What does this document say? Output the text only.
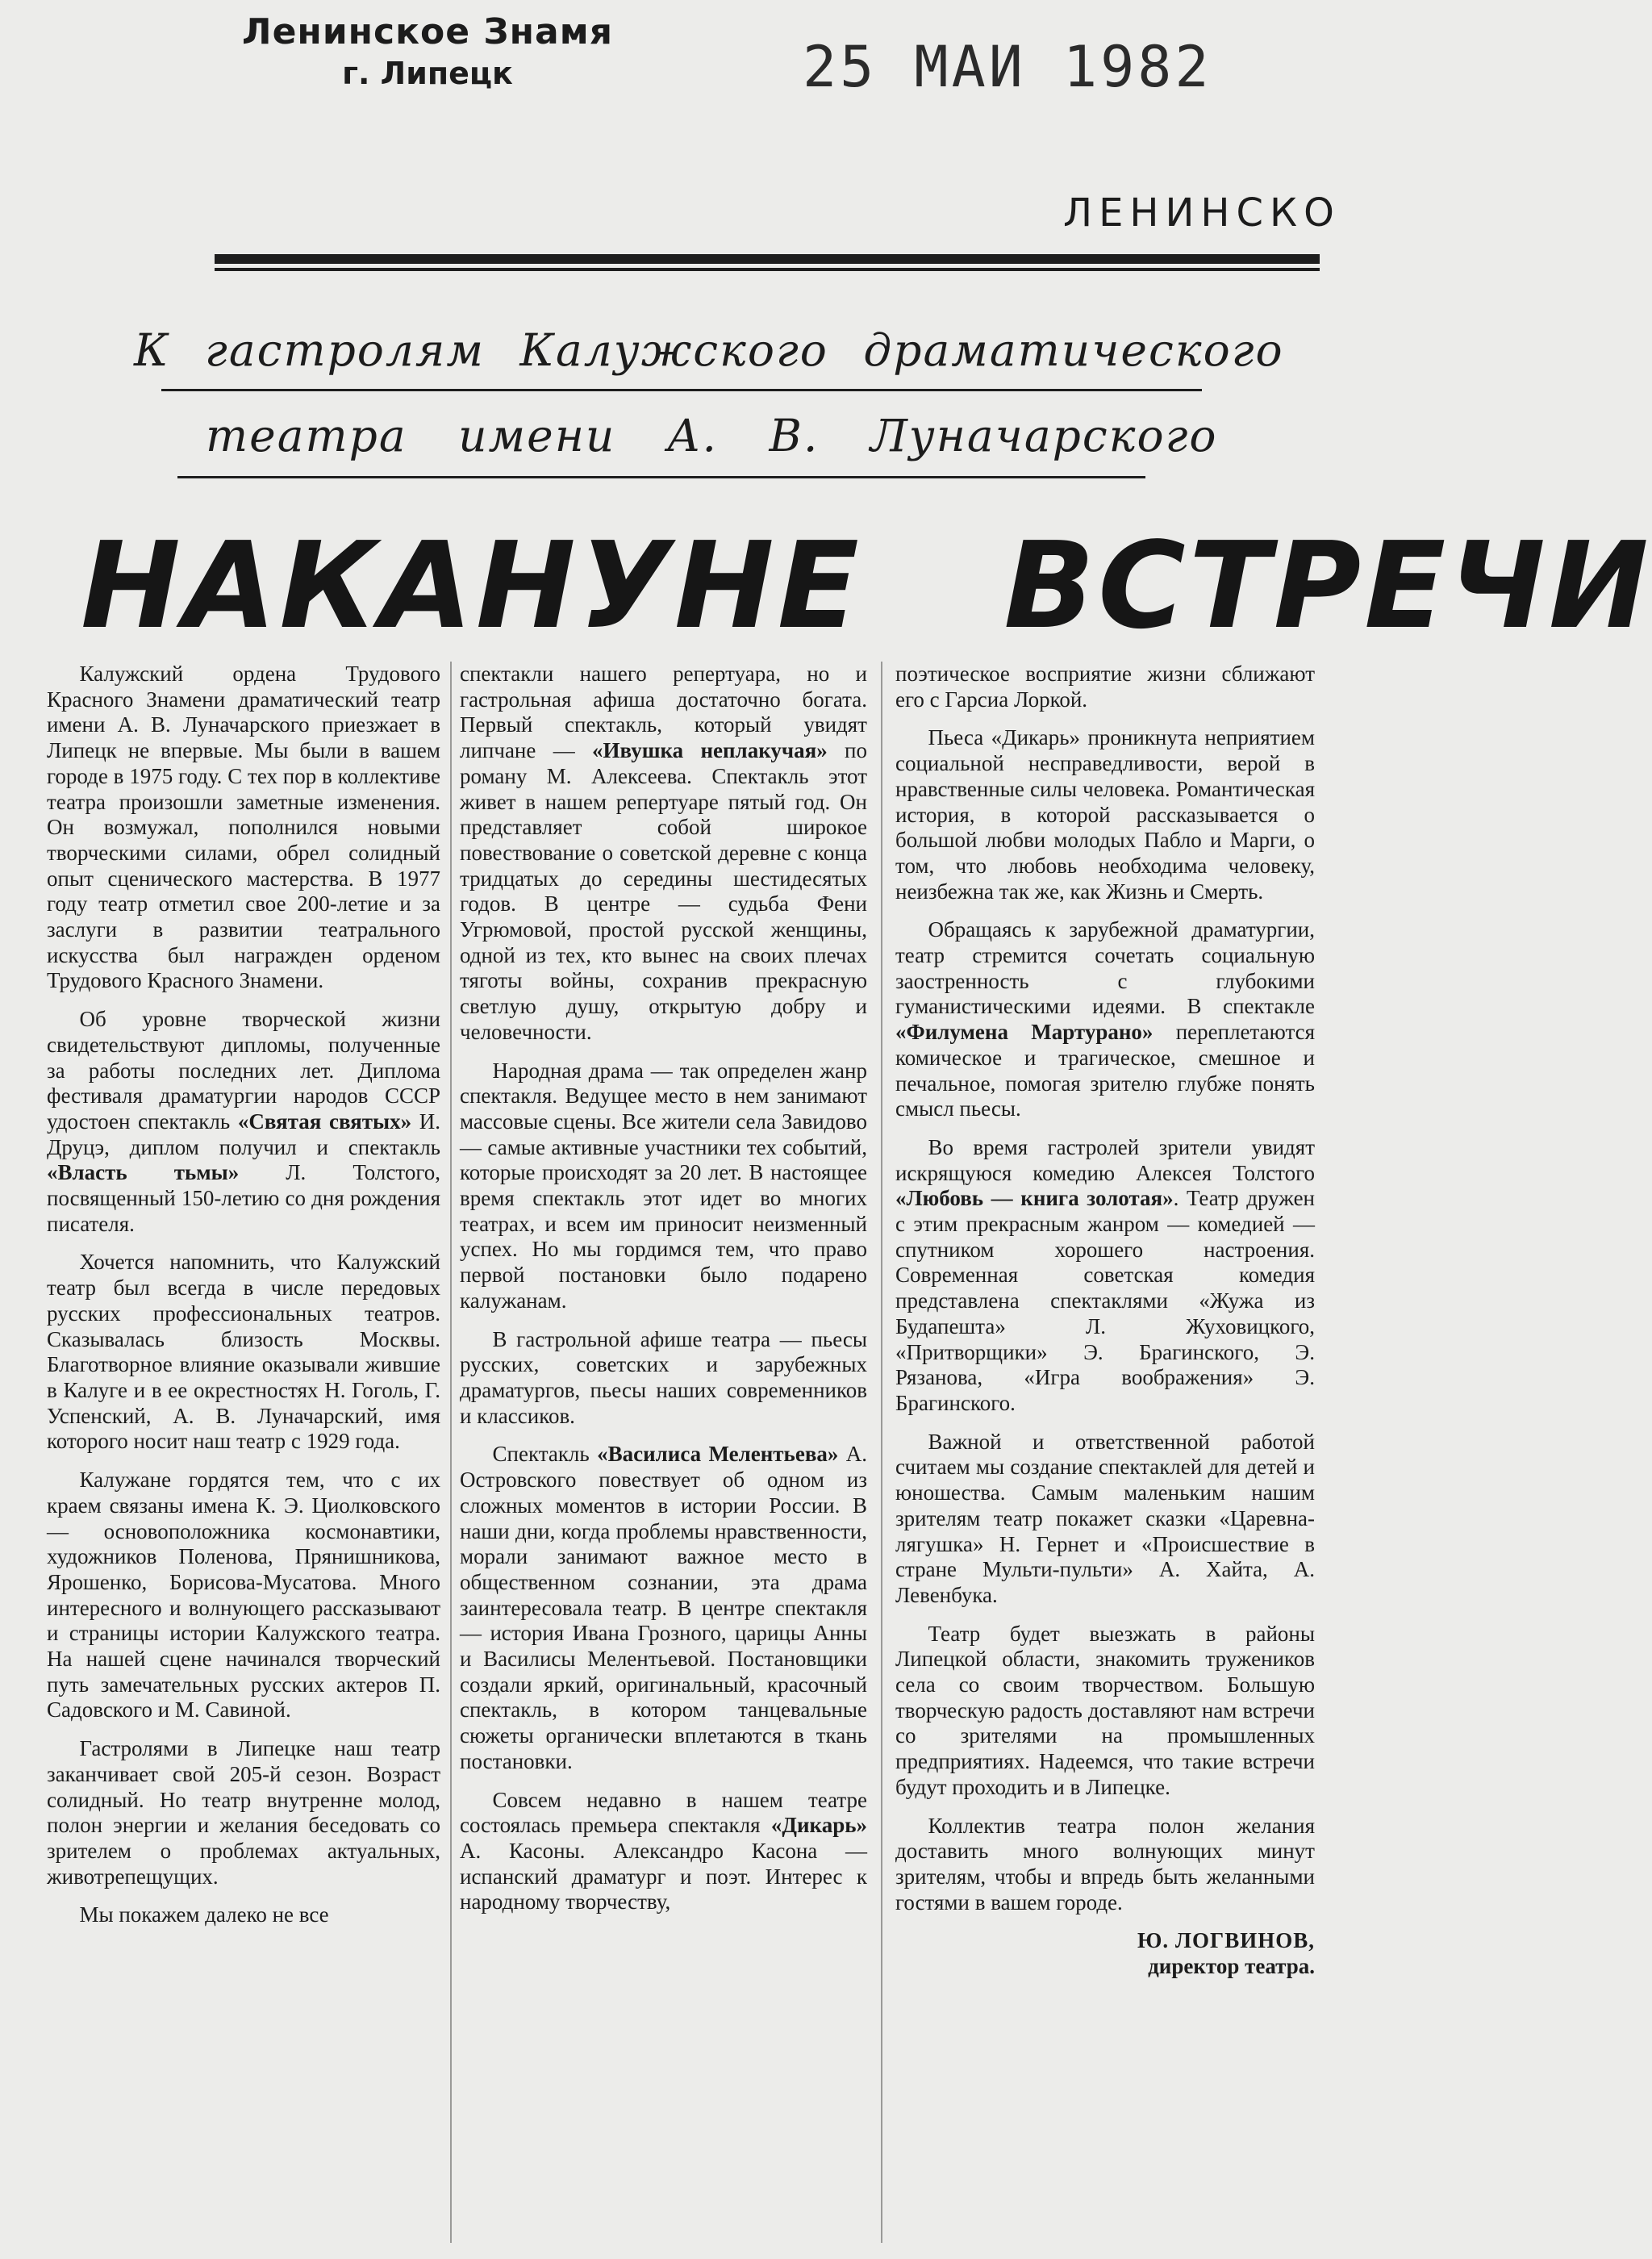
Ленинское Знамя
г. Липецк	25 МАИ 1982
ЛЕНИНСКО
К гастролям Калужского драматического
театра имени А. В. Луначарского
НАКАНУНЕ ВСТРЕЧИ

Калужский ордена Трудового Красного Знамени драматический театр имени А. В. Луначарского приезжает в Липецк не впервые. Мы были в вашем городе в 1975 году. С тех пор в коллективе театра произошли заметные изменения. Он возмужал, пополнился новыми творческими силами, обрел солидный опыт сценического мастерства. В 1977 году театр отметил свое 200-летие и за заслуги в развитии театрального искусства был награжден орденом Трудового Красного Знамени.

Об уровне творческой жизни свидетельствуют дипломы, полученные за работы последних лет. Диплома фестиваля драматургии народов СССР удостоен спектакль «Святая святых» И. Друцэ, диплом получил и спектакль «Власть тьмы» Л. Толстого, посвященный 150-летию со дня рождения писателя.

Хочется напомнить, что Калужский театр был всегда в числе передовых русских профессиональных театров. Сказывалась близость Москвы. Благотворное влияние оказывали жившие в Калуге и в ее окрестностях Н. Гоголь, Г. Успенский, А. В. Луначарский, имя которого носит наш театр с 1929 года.

Калужане гордятся тем, что с их краем связаны имена К. Э. Циолковского — основоположника космонавтики, художников Поленова, Прянишникова, Ярошенко, Борисова-Мусатова. Много интересного и волнующего рассказывают и страницы истории Калужского театра. На нашей сцене начинался творческий путь замечательных русских актеров П. Садовского и М. Савиной.

Гастролями в Липецке наш театр заканчивает свой 205-й сезон. Возраст солидный. Но театр внутренне молод, полон энергии и желания беседовать со зрителем о проблемах актуальных, животрепещущих.

Мы покажем далеко не все

спектакли нашего репертуара, но и гастрольная афиша достаточно богата. Первый спектакль, который увидят липчане — «Ивушка неплакучая» по роману М. Алексеева. Спектакль этот живет в нашем репертуаре пятый год. Он представляет собой широкое повествование о советской деревне с конца тридцатых до середины шестидесятых годов. В центре — судьба Фени Угрюмовой, простой русской женщины, одной из тех, кто вынес на своих плечах тяготы войны, сохранив прекрасную светлую душу, открытую добру и человечности.

Народная драма — так определен жанр спектакля. Ведущее место в нем занимают массовые сцены. Все жители села Завидово — самые активные участники тех событий, которые происходят за 20 лет. В настоящее время спектакль этот идет во многих театрах, и всем им приносит неизменный успех. Но мы гордимся тем, что право первой постановки было подарено калужанам.

В гастрольной афише театра — пьесы русских, советских и зарубежных драматургов, пьесы наших современников и классиков.

Спектакль «Василиса Мелентьева» А. Островского повествует об одном из сложных моментов в истории России. В наши дни, когда проблемы нравственности, морали занимают важное место в общественном сознании, эта драма заинтересовала театр. В центре спектакля — история Ивана Грозного, царицы Анны и Василисы Мелентьевой. Постановщики создали яркий, оригинальный, красочный спектакль, в котором танцевальные сюжеты органически вплетаются в ткань постановки.

Совсем недавно в нашем театре состоялась премьера спектакля «Дикарь» А. Касоны. Александро Касона — испанский драматург и поэт. Интерес к народному творчеству,

поэтическое восприятие жизни сближают его с Гарсиа Лоркой.

Пьеса «Дикарь» проникнута неприятием социальной несправедливости, верой в нравственные силы человека. Романтическая история, в которой рассказывается о большой любви молодых Пабло и Марги, о том, что любовь необходима человеку, неизбежна так же, как Жизнь и Смерть.

Обращаясь к зарубежной драматургии, театр стремится сочетать социальную заостренность с глубокими гуманистическими идеями. В спектакле «Филумена Мартурано» переплетаются комическое и трагическое, смешное и печальное, помогая зрителю глубже понять смысл пьесы.

Во время гастролей зрители увидят искрящуюся комедию Алексея Толстого «Любовь — книга золотая». Театр дружен с этим прекрасным жанром — комедией — спутником хорошего настроения. Современная советская комедия представлена спектаклями «Жужа из Будапешта» Л. Жуховицкого, «Притворщики» Э. Брагинского, Э. Рязанова, «Игра воображения» Э. Брагинского.

Важной и ответственной работой считаем мы создание спектаклей для детей и юношества. Самым маленьким нашим зрителям театр покажет сказки «Царевна-лягушка» Н. Гернет и «Происшествие в стране Мульти-пульти» А. Хайта, А. Левенбука.

Театр будет выезжать в районы Липецкой области, знакомить тружеников села со своим творчеством. Большую творческую радость доставляют нам встречи со зрителями на промышленных предприятиях. Надеемся, что такие встречи будут проходить и в Липецке.

Коллектив театра полон желания доставить много волнующих минут зрителям, чтобы и впредь быть желанными гостями в вашем городе.

Ю. ЛОГВИНОВ,
директор театра.
